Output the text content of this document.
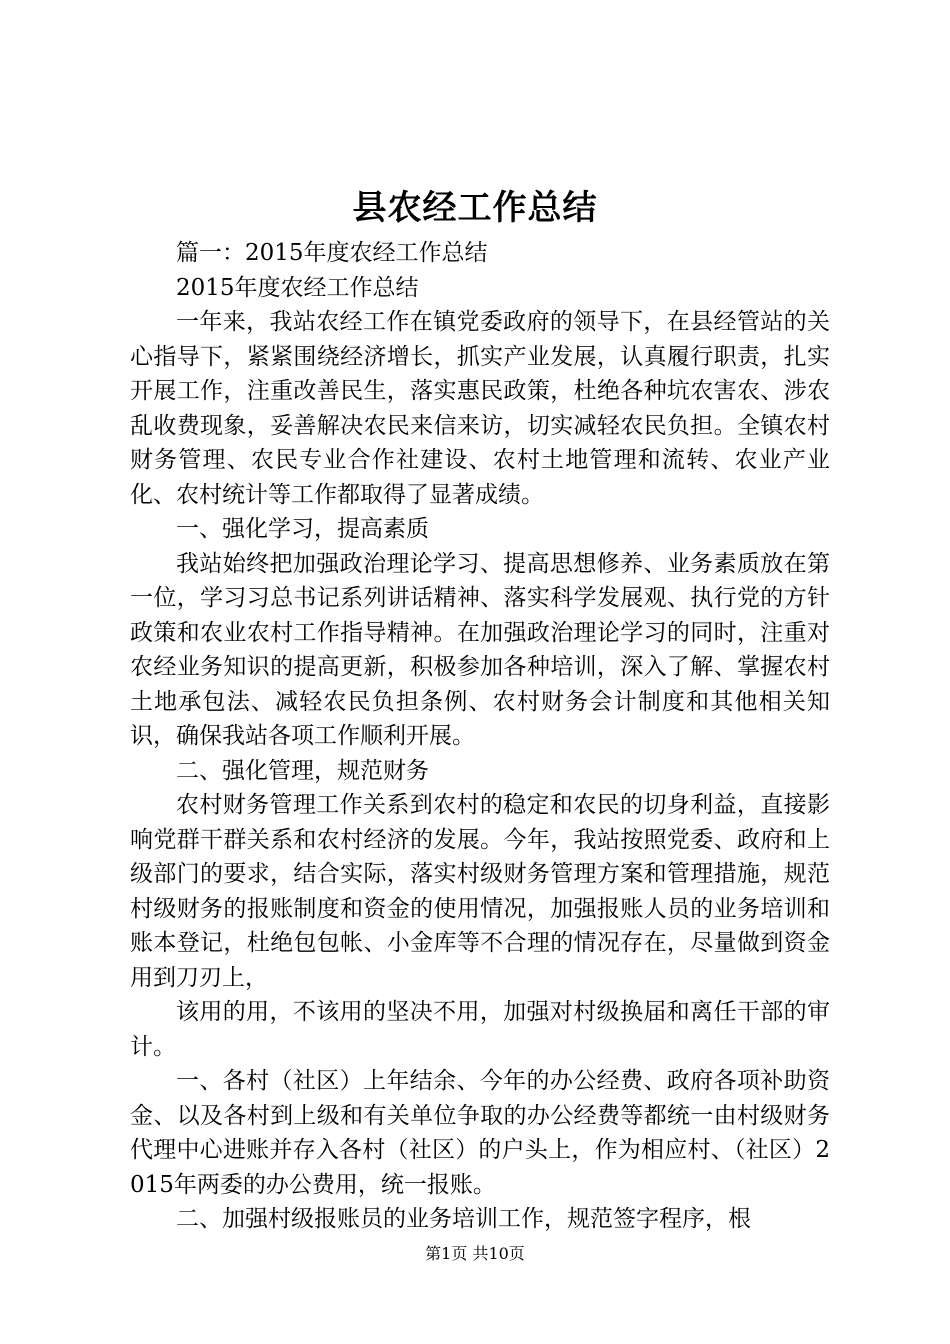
县农经工作总结

篇一：2015年度农经工作总结

2015年度农经工作总结

一年来，我站农经工作在镇党委政府的领导下，在县经管站的关心指导下，紧紧围绕经济增长，抓实产业发展，认真履行职责，扎实开展工作，注重改善民生，落实惠民政策，杜绝各种坑农害农、涉农乱收费现象，妥善解决农民来信来访，切实减轻农民负担。全镇农村财务管理、农民专业合作社建设、农村土地管理和流转、农业产业化、农村统计等工作都取得了显著成绩。

一、强化学习，提高素质

我站始终把加强政治理论学习、提高思想修养、业务素质放在第一位，学习习总书记系列讲话精神、落实科学发展观、执行党的方针政策和农业农村工作指导精神。在加强政治理论学习的同时，注重对农经业务知识的提高更新，积极参加各种培训，深入了解、掌握农村土地承包法、减轻农民负担条例、农村财务会计制度和其他相关知识，确保我站各项工作顺利开展。

二、强化管理，规范财务

农村财务管理工作关系到农村的稳定和农民的切身利益，直接影响党群干群关系和农村经济的发展。今年，我站按照党委、政府和上级部门的要求，结合实际，落实村级财务管理方案和管理措施，规范村级财务的报账制度和资金的使用情况，加强报账人员的业务培训和账本登记，杜绝包包帐、小金库等不合理的情况存在，尽量做到资金用到刀刃上，

该用的用，不该用的坚决不用，加强对村级换届和离任干部的审计。

一、各村（社区）上年结余、今年的办公经费、政府各项补助资金、以及各村到上级和有关单位争取的办公经费等都统一由村级财务代理中心进账并存入各村（社区）的户头上，作为相应村、（社区）2015年两委的办公费用，统一报账。

二、加强村级报账员的业务培训工作，规范签字程序，根

第1页 共10页
